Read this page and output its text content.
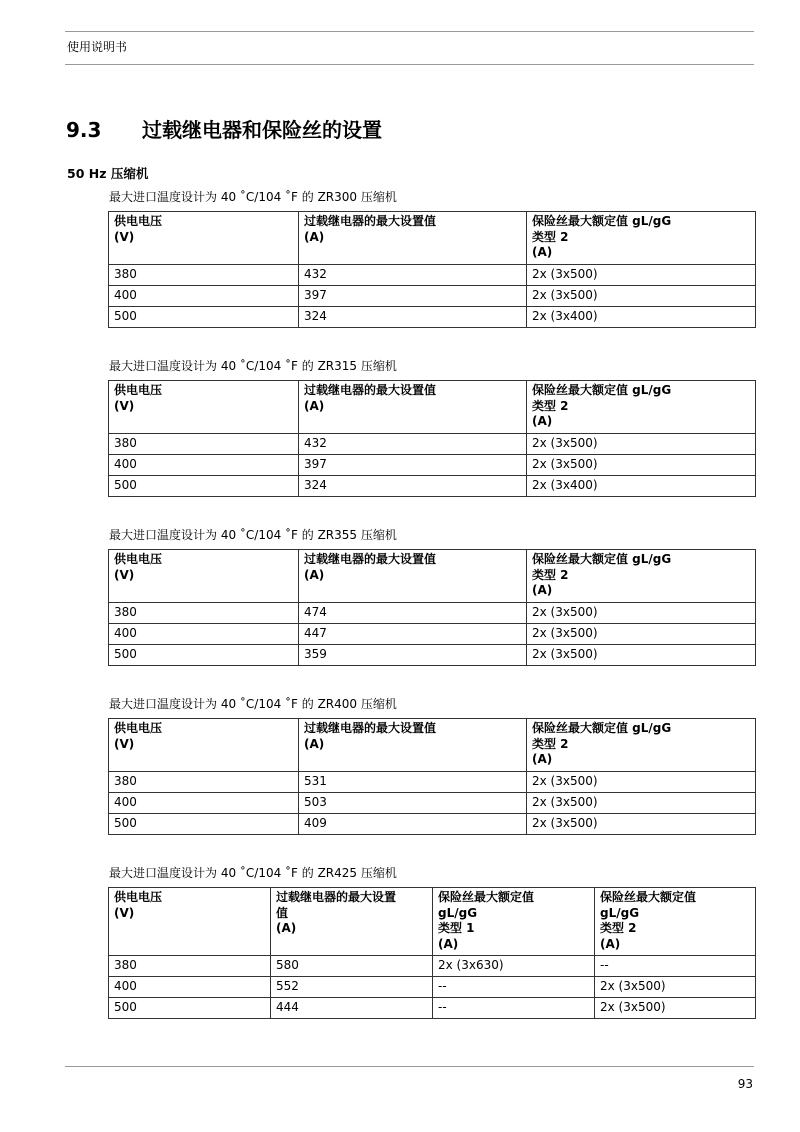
使用说明书
9.3 过载继电器和保险丝的设置
50 Hz 压缩机
最大进口温度设计为 40 ˚C/104 ˚F 的 ZR300 压缩机
供电电压
(V)	过载继电器的最大设置值
(A)	保险丝最大额定值 gL/gG
类型 2
(A)
380	432	2x (3x500)
400	397	2x (3x500)
500	324	2x (3x400)
最大进口温度设计为 40 ˚C/104 ˚F 的 ZR315 压缩机
供电电压
(V)	过载继电器的最大设置值
(A)	保险丝最大额定值 gL/gG
类型 2
(A)
380	432	2x (3x500)
400	397	2x (3x500)
500	324	2x (3x400)
最大进口温度设计为 40 ˚C/104 ˚F 的 ZR355 压缩机
供电电压
(V)	过载继电器的最大设置值
(A)	保险丝最大额定值 gL/gG
类型 2
(A)
380	474	2x (3x500)
400	447	2x (3x500)
500	359	2x (3x500)
最大进口温度设计为 40 ˚C/104 ˚F 的 ZR400 压缩机
供电电压
(V)	过载继电器的最大设置值
(A)	保险丝最大额定值 gL/gG
类型 2
(A)
380	531	2x (3x500)
400	503	2x (3x500)
500	409	2x (3x500)
最大进口温度设计为 40 ˚C/104 ˚F 的 ZR425 压缩机
供电电压
(V)	过载继电器的最大设置
值
(A)	保险丝最大额定值
gL/gG
类型 1
(A)	保险丝最大额定值
gL/gG
类型 2
(A)
380	580	2x (3x630)	--
400	552	--	2x (3x500)
500	444	--	2x (3x500)
93
